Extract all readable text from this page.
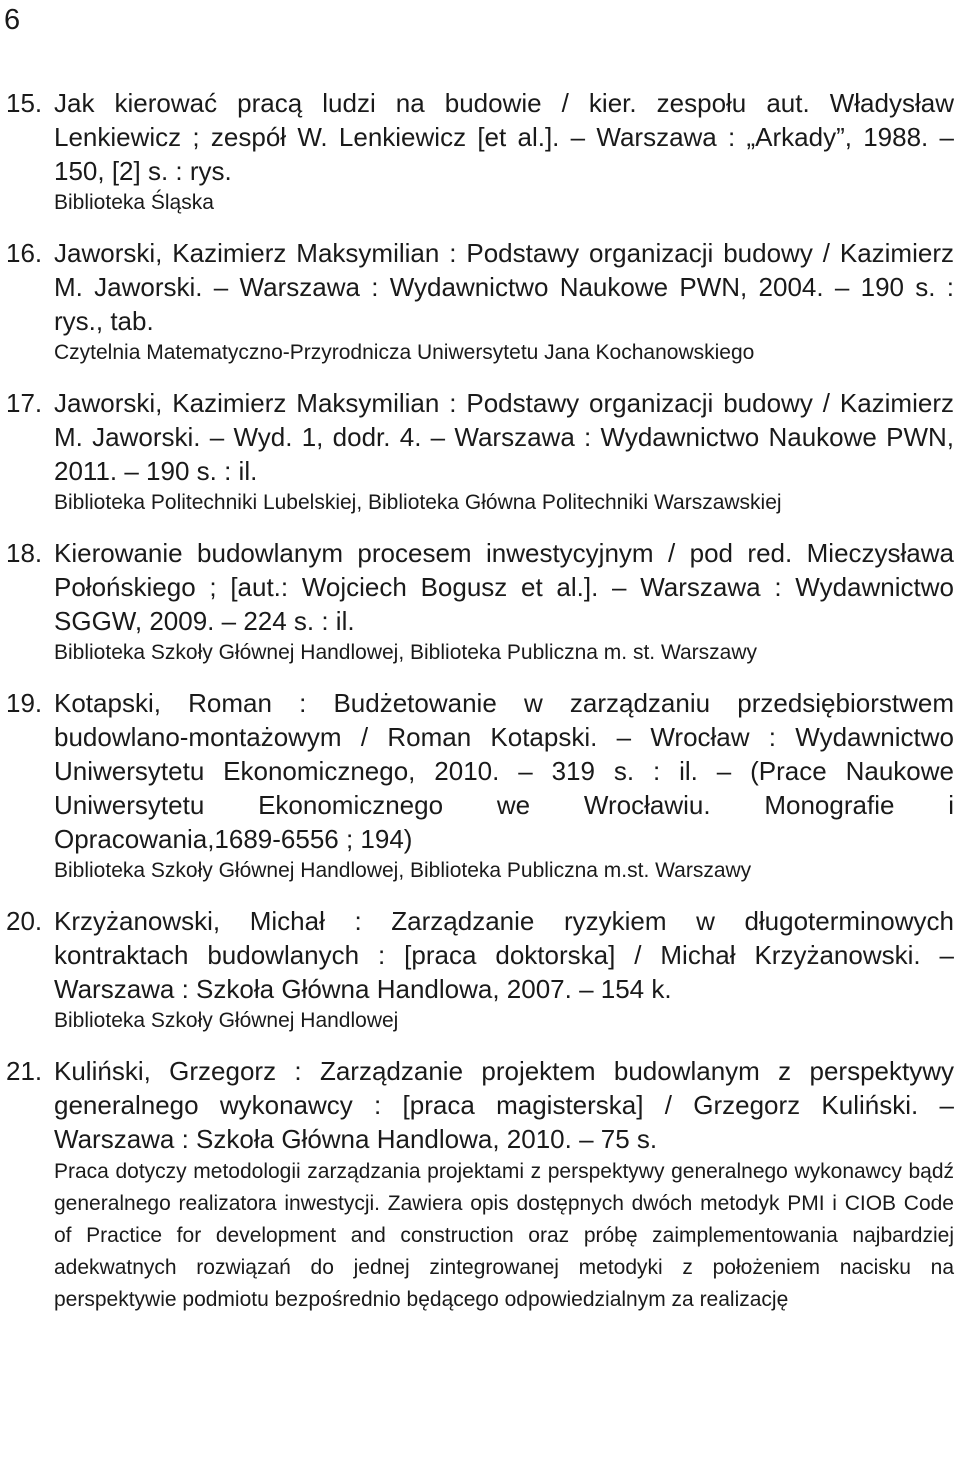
6
15. Jak kierować pracą ludzi na budowie / kier. zespołu aut. Władysław Lenkiewicz ; zespół W. Lenkiewicz [et al.]. – Warszawa : „Arkady”, 1988. – 150, [2] s. : rys.

Biblioteka Śląska

16. Jaworski, Kazimierz Maksymilian : Podstawy organizacji budowy / Kazimierz M. Jaworski. – Warszawa : Wydawnictwo Naukowe PWN, 2004. – 190 s. : rys., tab.

Czytelnia Matematyczno-Przyrodnicza Uniwersytetu Jana Kochanowskiego

17. Jaworski, Kazimierz Maksymilian : Podstawy organizacji budowy / Kazimierz M. Jaworski. – Wyd. 1, dodr. 4. – Warszawa : Wydawnictwo Naukowe PWN, 2011. – 190 s. : il.

Biblioteka Politechniki Lubelskiej, Biblioteka Główna Politechniki Warszawskiej

18. Kierowanie budowlanym procesem inwestycyjnym / pod red. Mieczysława Połońskiego ; [aut.: Wojciech Bogusz et al.]. – Warszawa : Wydawnictwo SGGW, 2009. – 224 s. : il.

Biblioteka Szkoły Głównej Handlowej, Biblioteka Publiczna m. st. Warszawy

19. Kotapski, Roman : Budżetowanie w zarządzaniu przedsiębiorstwem budowlano-montażowym / Roman Kotapski. – Wrocław : Wydawnictwo Uniwersytetu Ekonomicznego, 2010. – 319 s. : il. – (Prace Naukowe Uniwersytetu Ekonomicznego we Wrocławiu. Monografie i Opracowania,1689-6556 ; 194)

Biblioteka Szkoły Głównej Handlowej, Biblioteka Publiczna m.st. Warszawy

20. Krzyżanowski, Michał : Zarządzanie ryzykiem w długoterminowych kontraktach budowlanych : [praca doktorska] / Michał Krzyżanowski. – Warszawa : Szkoła Główna Handlowa, 2007. – 154 k.

Biblioteka Szkoły Głównej Handlowej

21. Kuliński, Grzegorz : Zarządzanie projektem budowlanym z perspektywy generalnego wykonawcy : [praca magisterska] / Grzegorz Kuliński. – Warszawa : Szkoła Główna Handlowa, 2010. – 75 s.

Praca dotyczy metodologii zarządzania projektami z perspektywy generalnego wykonawcy bądź generalnego realizatora inwestycji. Zawiera opis dostępnych dwóch metodyk PMI i CIOB Code of Practice for development and construction oraz próbę zaimplementowania najbardziej adekwatnych rozwiązań do jednej zintegrowanej metodyki z położeniem nacisku na perspektywie podmiotu bezpośrednio będącego odpowiedzialnym za realizację
